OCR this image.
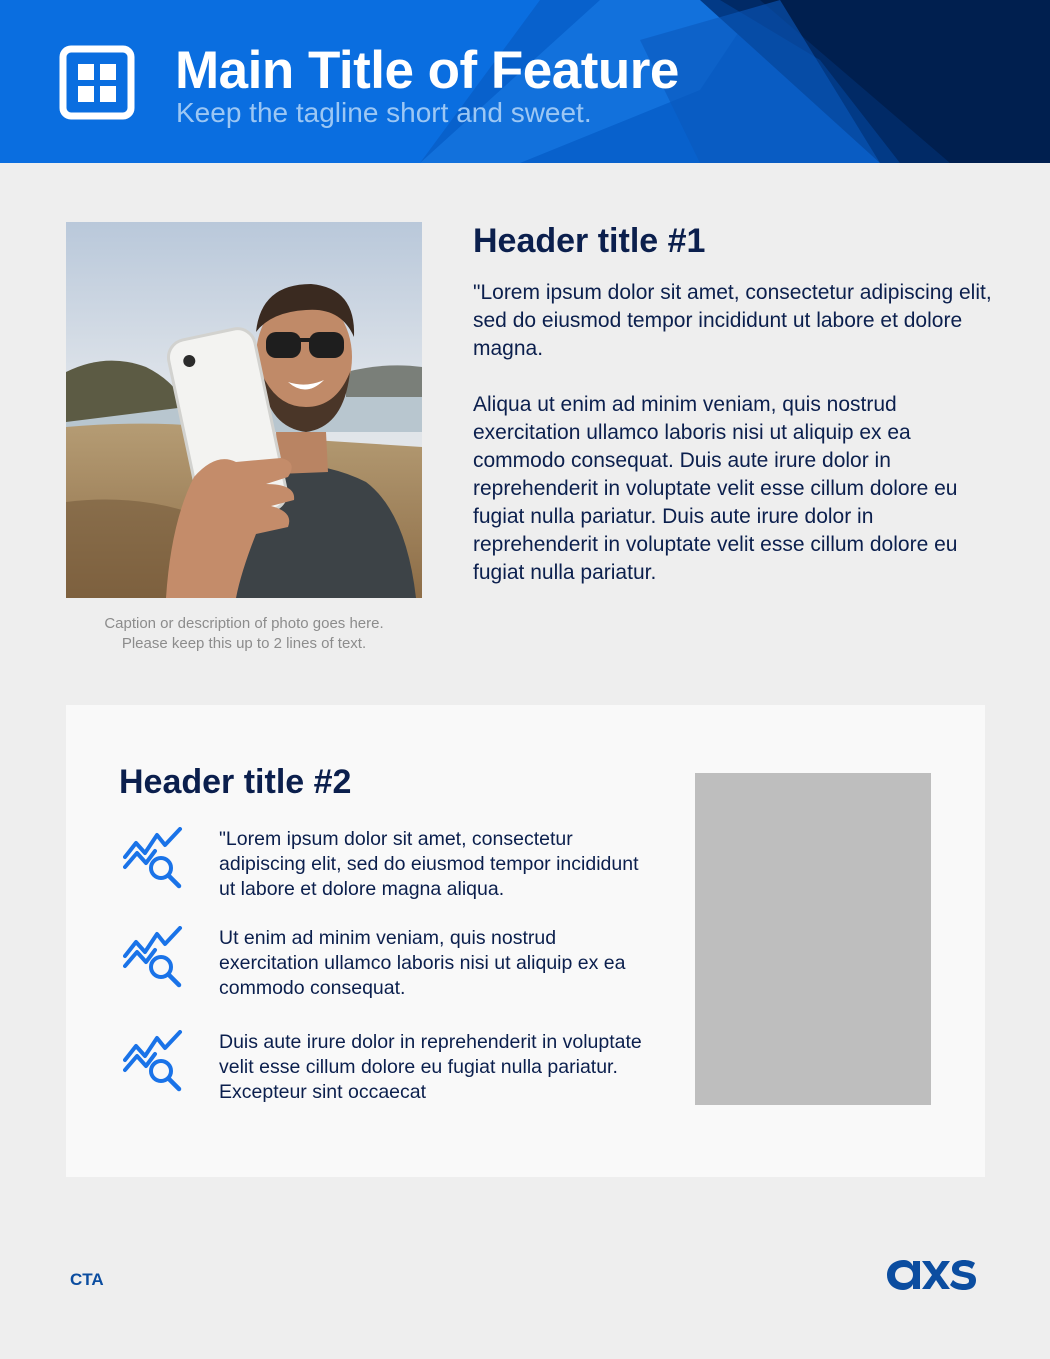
Main Title of Feature
Keep the tagline short and sweet.
Caption or description of photo goes here.
Please keep this up to 2 lines of text.
Header title #1

"Lorem ipsum dolor sit amet, consectetur adipiscing elit, sed do eiusmod tempor incididunt ut labore et dolore magna.

Aliqua ut enim ad minim veniam, quis nostrud exercitation ullamco laboris nisi ut aliquip ex ea commodo consequat. Duis aute irure dolor in reprehenderit in voluptate velit esse cillum dolore eu fugiat nulla pariatur. Duis aute irure dolor in reprehenderit in voluptate velit esse cillum dolore eu fugiat nulla pariatur.

Header title #2
"Lorem ipsum dolor sit amet, consectetur adipiscing elit, sed do eiusmod tempor incididunt ut labore et dolore magna aliqua.
Ut enim ad minim veniam, quis nostrud exercitation ullamco laboris nisi ut aliquip ex ea commodo consequat.
Duis aute irure dolor in reprehenderit in voluptate velit esse cillum dolore eu fugiat nulla pariatur. Excepteur sint occaecat
CTA
